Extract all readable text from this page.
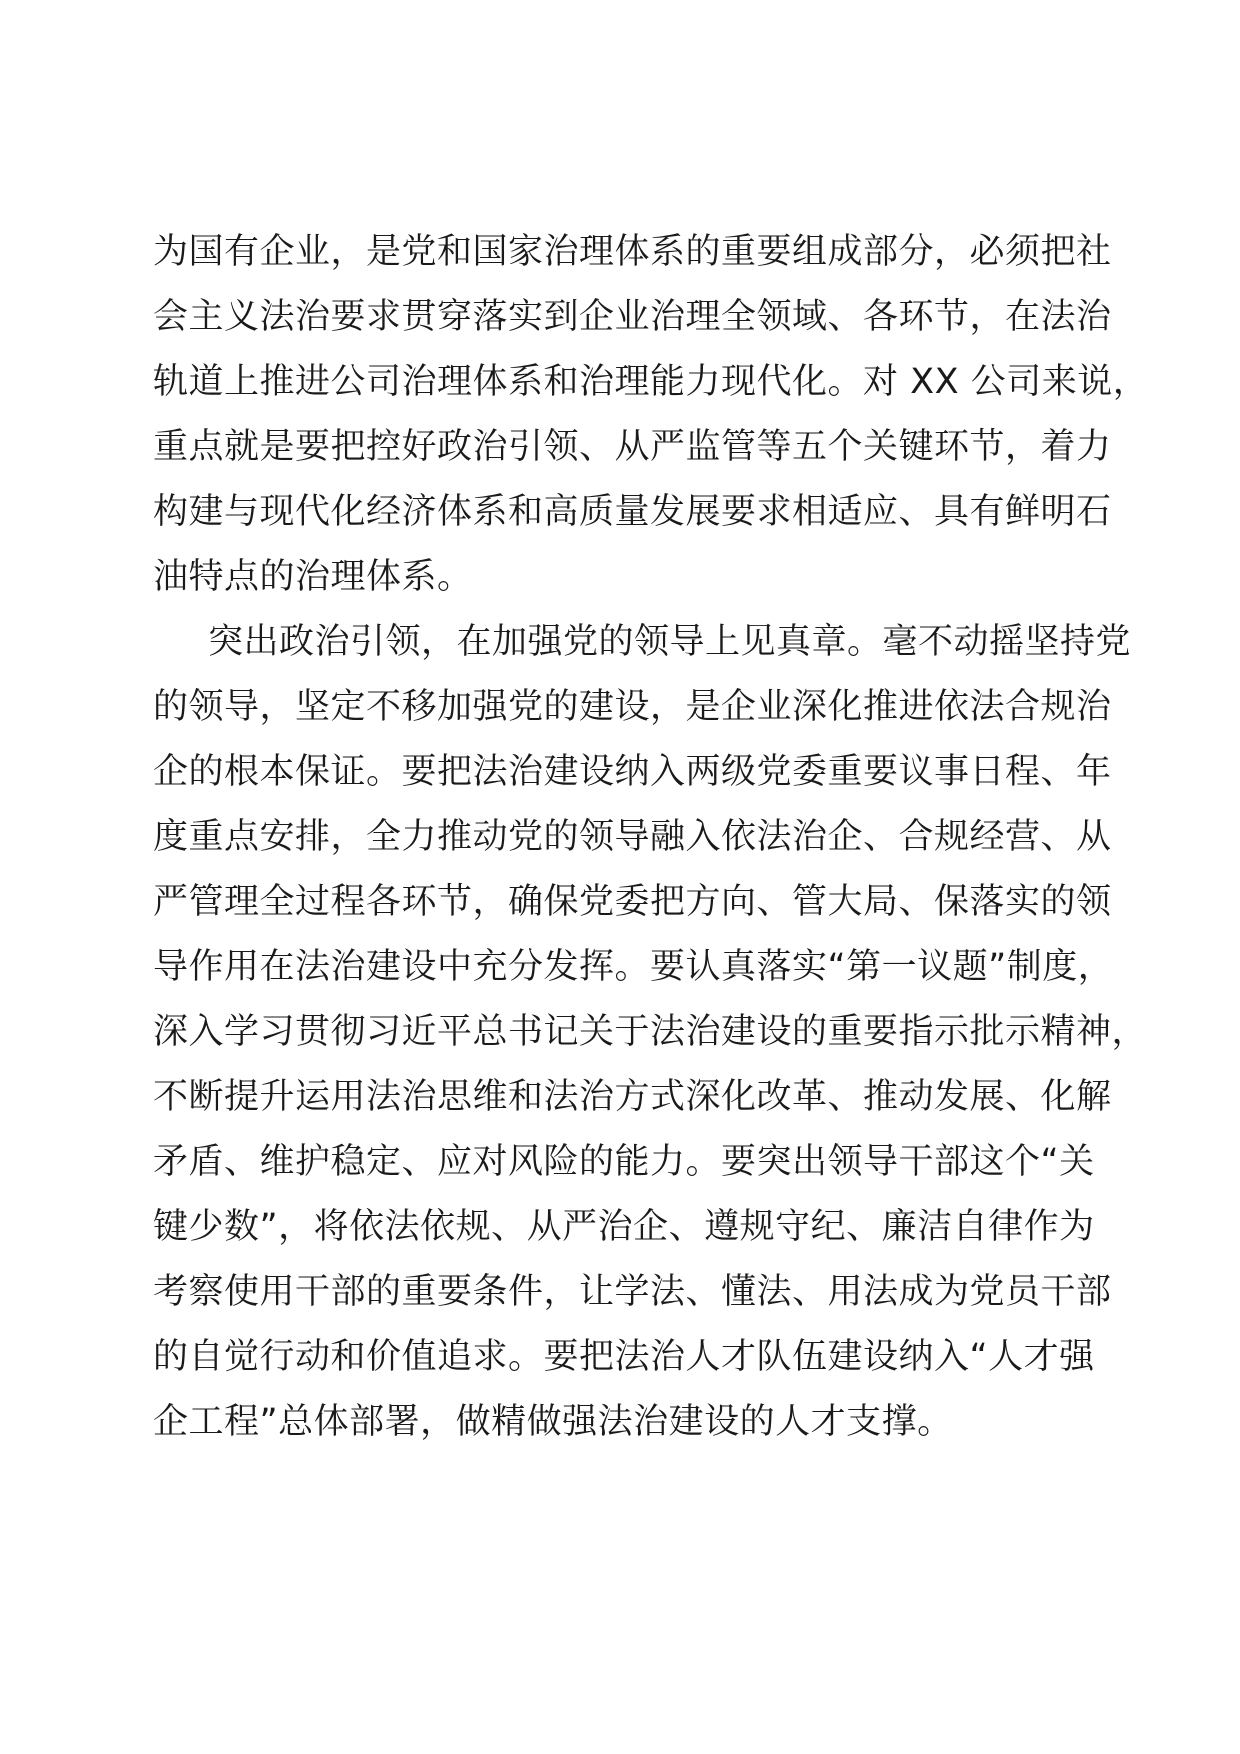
为国有企业，是党和国家治理体系的重要组成部分，必须把社
会主义法治要求贯穿落实到企业治理全领域、各环节，在法治
轨道上推进公司治理体系和治理能力现代化。对 XX 公司来说，
重点就是要把控好政治引领、从严监管等五个关键环节，着力
构建与现代化经济体系和高质量发展要求相适应、具有鲜明石
油特点的治理体系。
突出政治引领，在加强党的领导上见真章。毫不动摇坚持党
的领导，坚定不移加强党的建设，是企业深化推进依法合规治
企的根本保证。要把法治建设纳入两级党委重要议事日程、年
度重点安排，全力推动党的领导融入依法治企、合规经营、从
严管理全过程各环节，确保党委把方向、管大局、保落实的领
导作用在法治建设中充分发挥。要认真落实“第一议题”制度，
深入学习贯彻习近平总书记关于法治建设的重要指示批示精神，
不断提升运用法治思维和法治方式深化改革、推动发展、化解
矛盾、维护稳定、应对风险的能力。要突出领导干部这个“关
键少数”，将依法依规、从严治企、遵规守纪、廉洁自律作为
考察使用干部的重要条件，让学法、懂法、用法成为党员干部
的自觉行动和价值追求。要把法治人才队伍建设纳入“人才强
企工程”总体部署，做精做强法治建设的人才支撑。
